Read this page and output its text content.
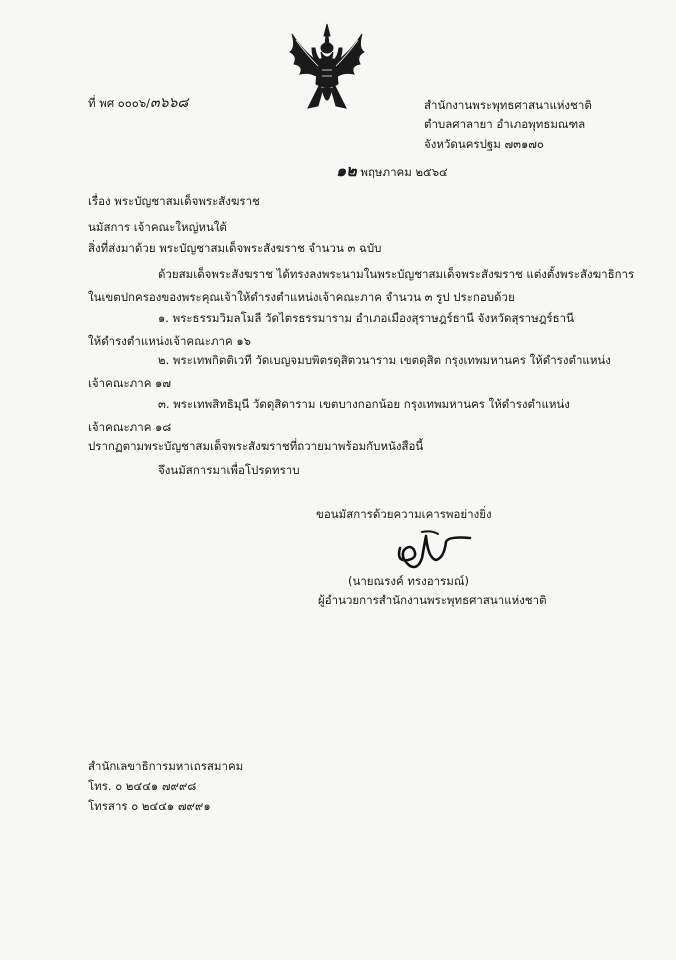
ที่ พศ ๐๐๐๖/๓๖๖๘	สำนักงานพระพุทธศาสนาแห่งชาติ
ตำบลศาลายา อำเภอพุทธมณฑล
จังหวัดนครปฐม ๗๓๑๗๐
๑๒ พฤษภาคม ๒๕๖๔
เรื่อง พระบัญชาสมเด็จพระสังฆราช
นมัสการ เจ้าคณะใหญ่หนใต้
สิ่งที่ส่งมาด้วย พระบัญชาสมเด็จพระสังฆราช จำนวน ๓ ฉบับ
ด้วยสมเด็จพระสังฆราช ได้ทรงลงพระนามในพระบัญชาสมเด็จพระสังฆราช แต่งตั้งพระสังฆาธิการ
ในเขตปกครองของพระคุณเจ้าให้ดำรงตำแหน่งเจ้าคณะภาค จำนวน ๓ รูป ประกอบด้วย
๑. พระธรรมวิมลโมลี วัดไตรธรรมาราม อำเภอเมืองสุราษฎร์ธานี จังหวัดสุราษฎร์ธานี
ให้ดำรงตำแหน่งเจ้าคณะภาค ๑๖
๒. พระเทพกิตติเวที วัดเบญจมบพิตรดุสิตวนาราม เขตดุสิต กรุงเทพมหานคร ให้ดำรงตำแหน่ง
เจ้าคณะภาค ๑๗
๓. พระเทพสิทธิมุนี วัดดุสิดาราม เขตบางกอกน้อย กรุงเทพมหานคร ให้ดำรงตำแหน่ง
เจ้าคณะภาค ๑๘
ปรากฏตามพระบัญชาสมเด็จพระสังฆราชที่ถวายมาพร้อมกับหนังสือนี้
จึงนมัสการมาเพื่อโปรดทราบ
ขอนมัสการด้วยความเคารพอย่างยิ่ง
(นายณรงค์ ทรงอารมณ์)
ผู้อำนวยการสำนักงานพระพุทธศาสนาแห่งชาติ
สำนักเลขาธิการมหาเถรสมาคม
โทร. ๐ ๒๔๔๑ ๗๙๙๘
โทรสาร ๐ ๒๔๔๑ ๗๙๙๑
